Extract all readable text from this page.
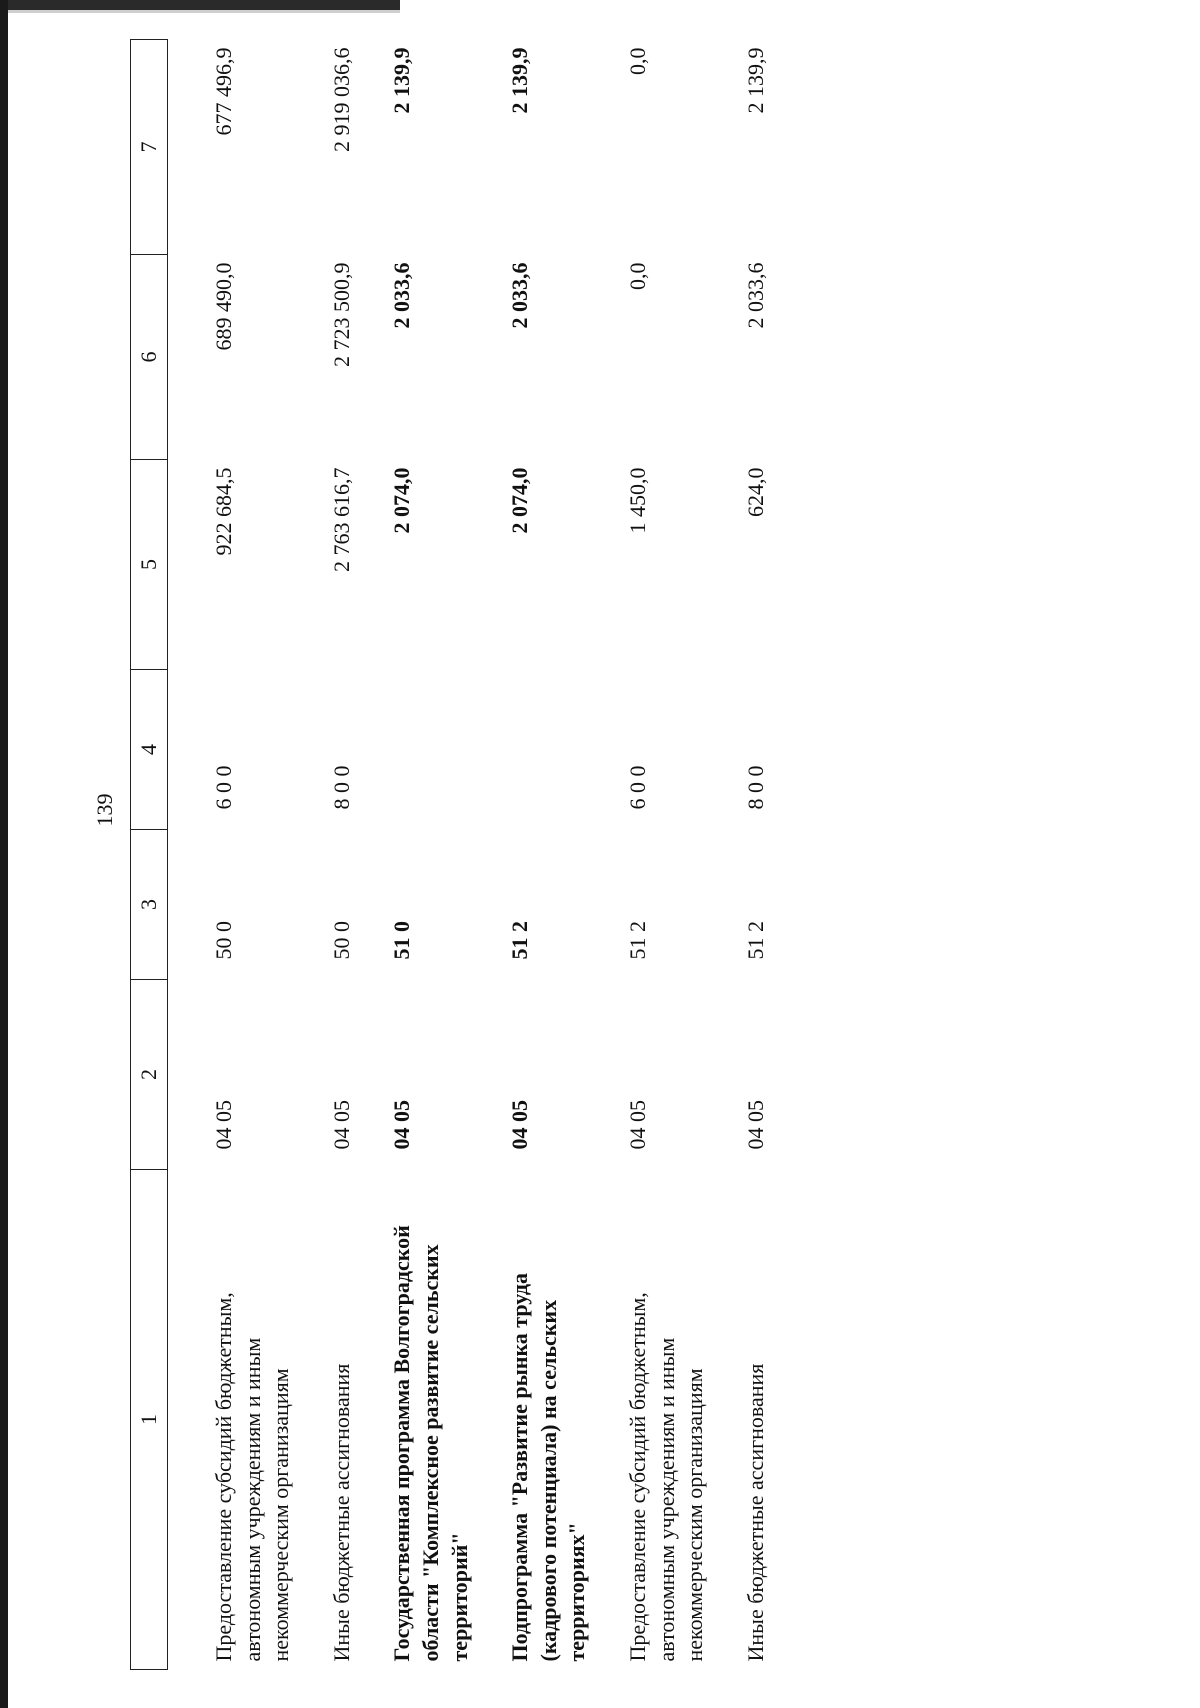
139
1	2	3	4	5	6	7

Предоставление субсидий бюджетным, автономным учреждениям и иным некоммерческим организациям	04 05	50 0	6 0 0	922 684,5	689 490,0	677 496,9
Иные бюджетные ассигнования	04 05	50 0	8 0 0	2 763 616,7	2 723 500,9	2 919 036,6
Государственная программа Волгоградской области "Комплексное развитие сельских территорий"	04 05	51 0		2 074,0	2 033,6	2 139,9
Подпрограмма "Развитие рынка труда (кадрового потенциала) на сельских территориях"	04 05	51 2		2 074,0	2 033,6	2 139,9
Предоставление субсидий бюджетным, автономным учреждениям и иным некоммерческим организациям	04 05	51 2	6 0 0	1 450,0	0,0	0,0
Иные бюджетные ассигнования	04 05	51 2	8 0 0	624,0	2 033,6	2 139,9
